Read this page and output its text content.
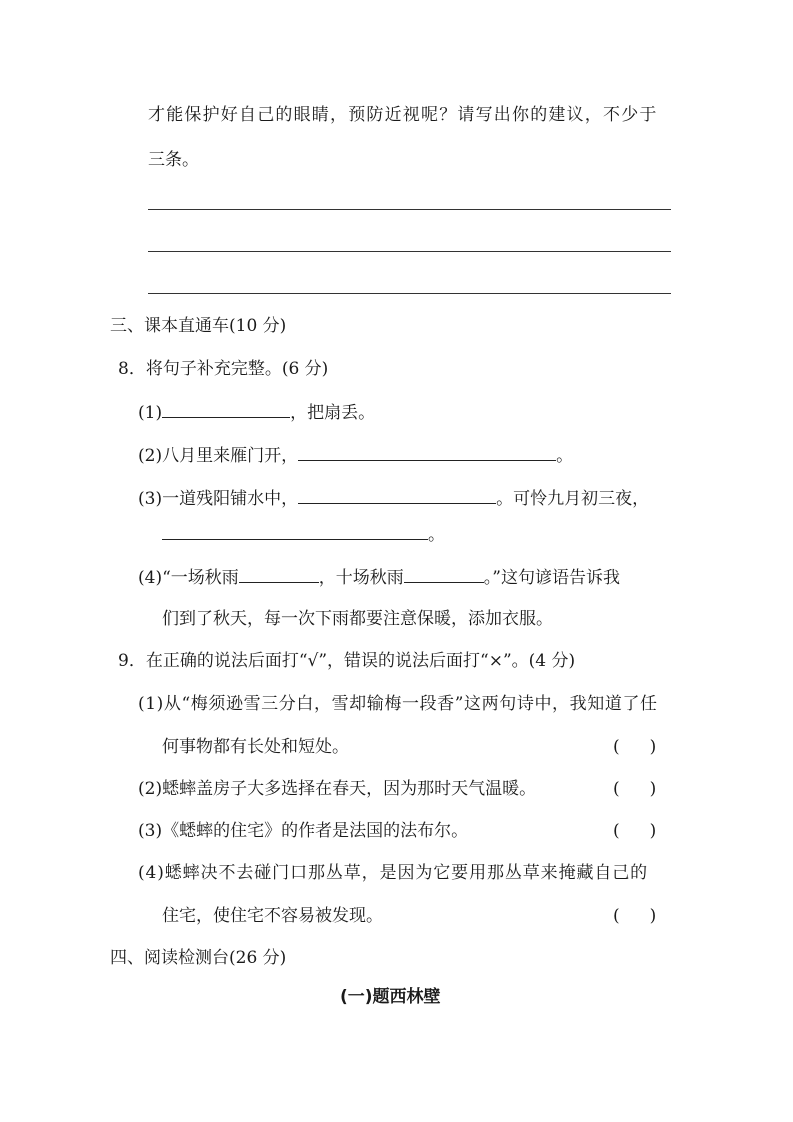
才能保护好自己的眼睛，预防近视呢？请写出你的建议，不少于
三条。
三、课本直通车(10 分)
8．将句子补充完整。(6 分)
(1)	，把扇丢。
(2)八月里来雁门开，	。
(3)一道残阳铺水中，	。可怜九月初三夜，
。
(4)“一场秋雨	，十场秋雨	。”这句谚语告诉我
们到了秋天，每一次下雨都要注意保暖，添加衣服。
9．在正确的说法后面打“√”，错误的说法后面打“×”。(4 分)
(1)从“梅须逊雪三分白，雪却输梅一段香”这两句诗中，我知道了任
何事物都有长处和短处。	( )
(2)蟋蟀盖房子大多选择在春天，因为那时天气温暖。	( )
(3)《蟋蟀的住宅》的作者是法国的法布尔。	( )
(4)蟋蟀决不去碰门口那丛草，是因为它要用那丛草来掩藏自己的
住宅，使住宅不容易被发现。	( )
四、阅读检测台(26 分)
(一)题西林壁
